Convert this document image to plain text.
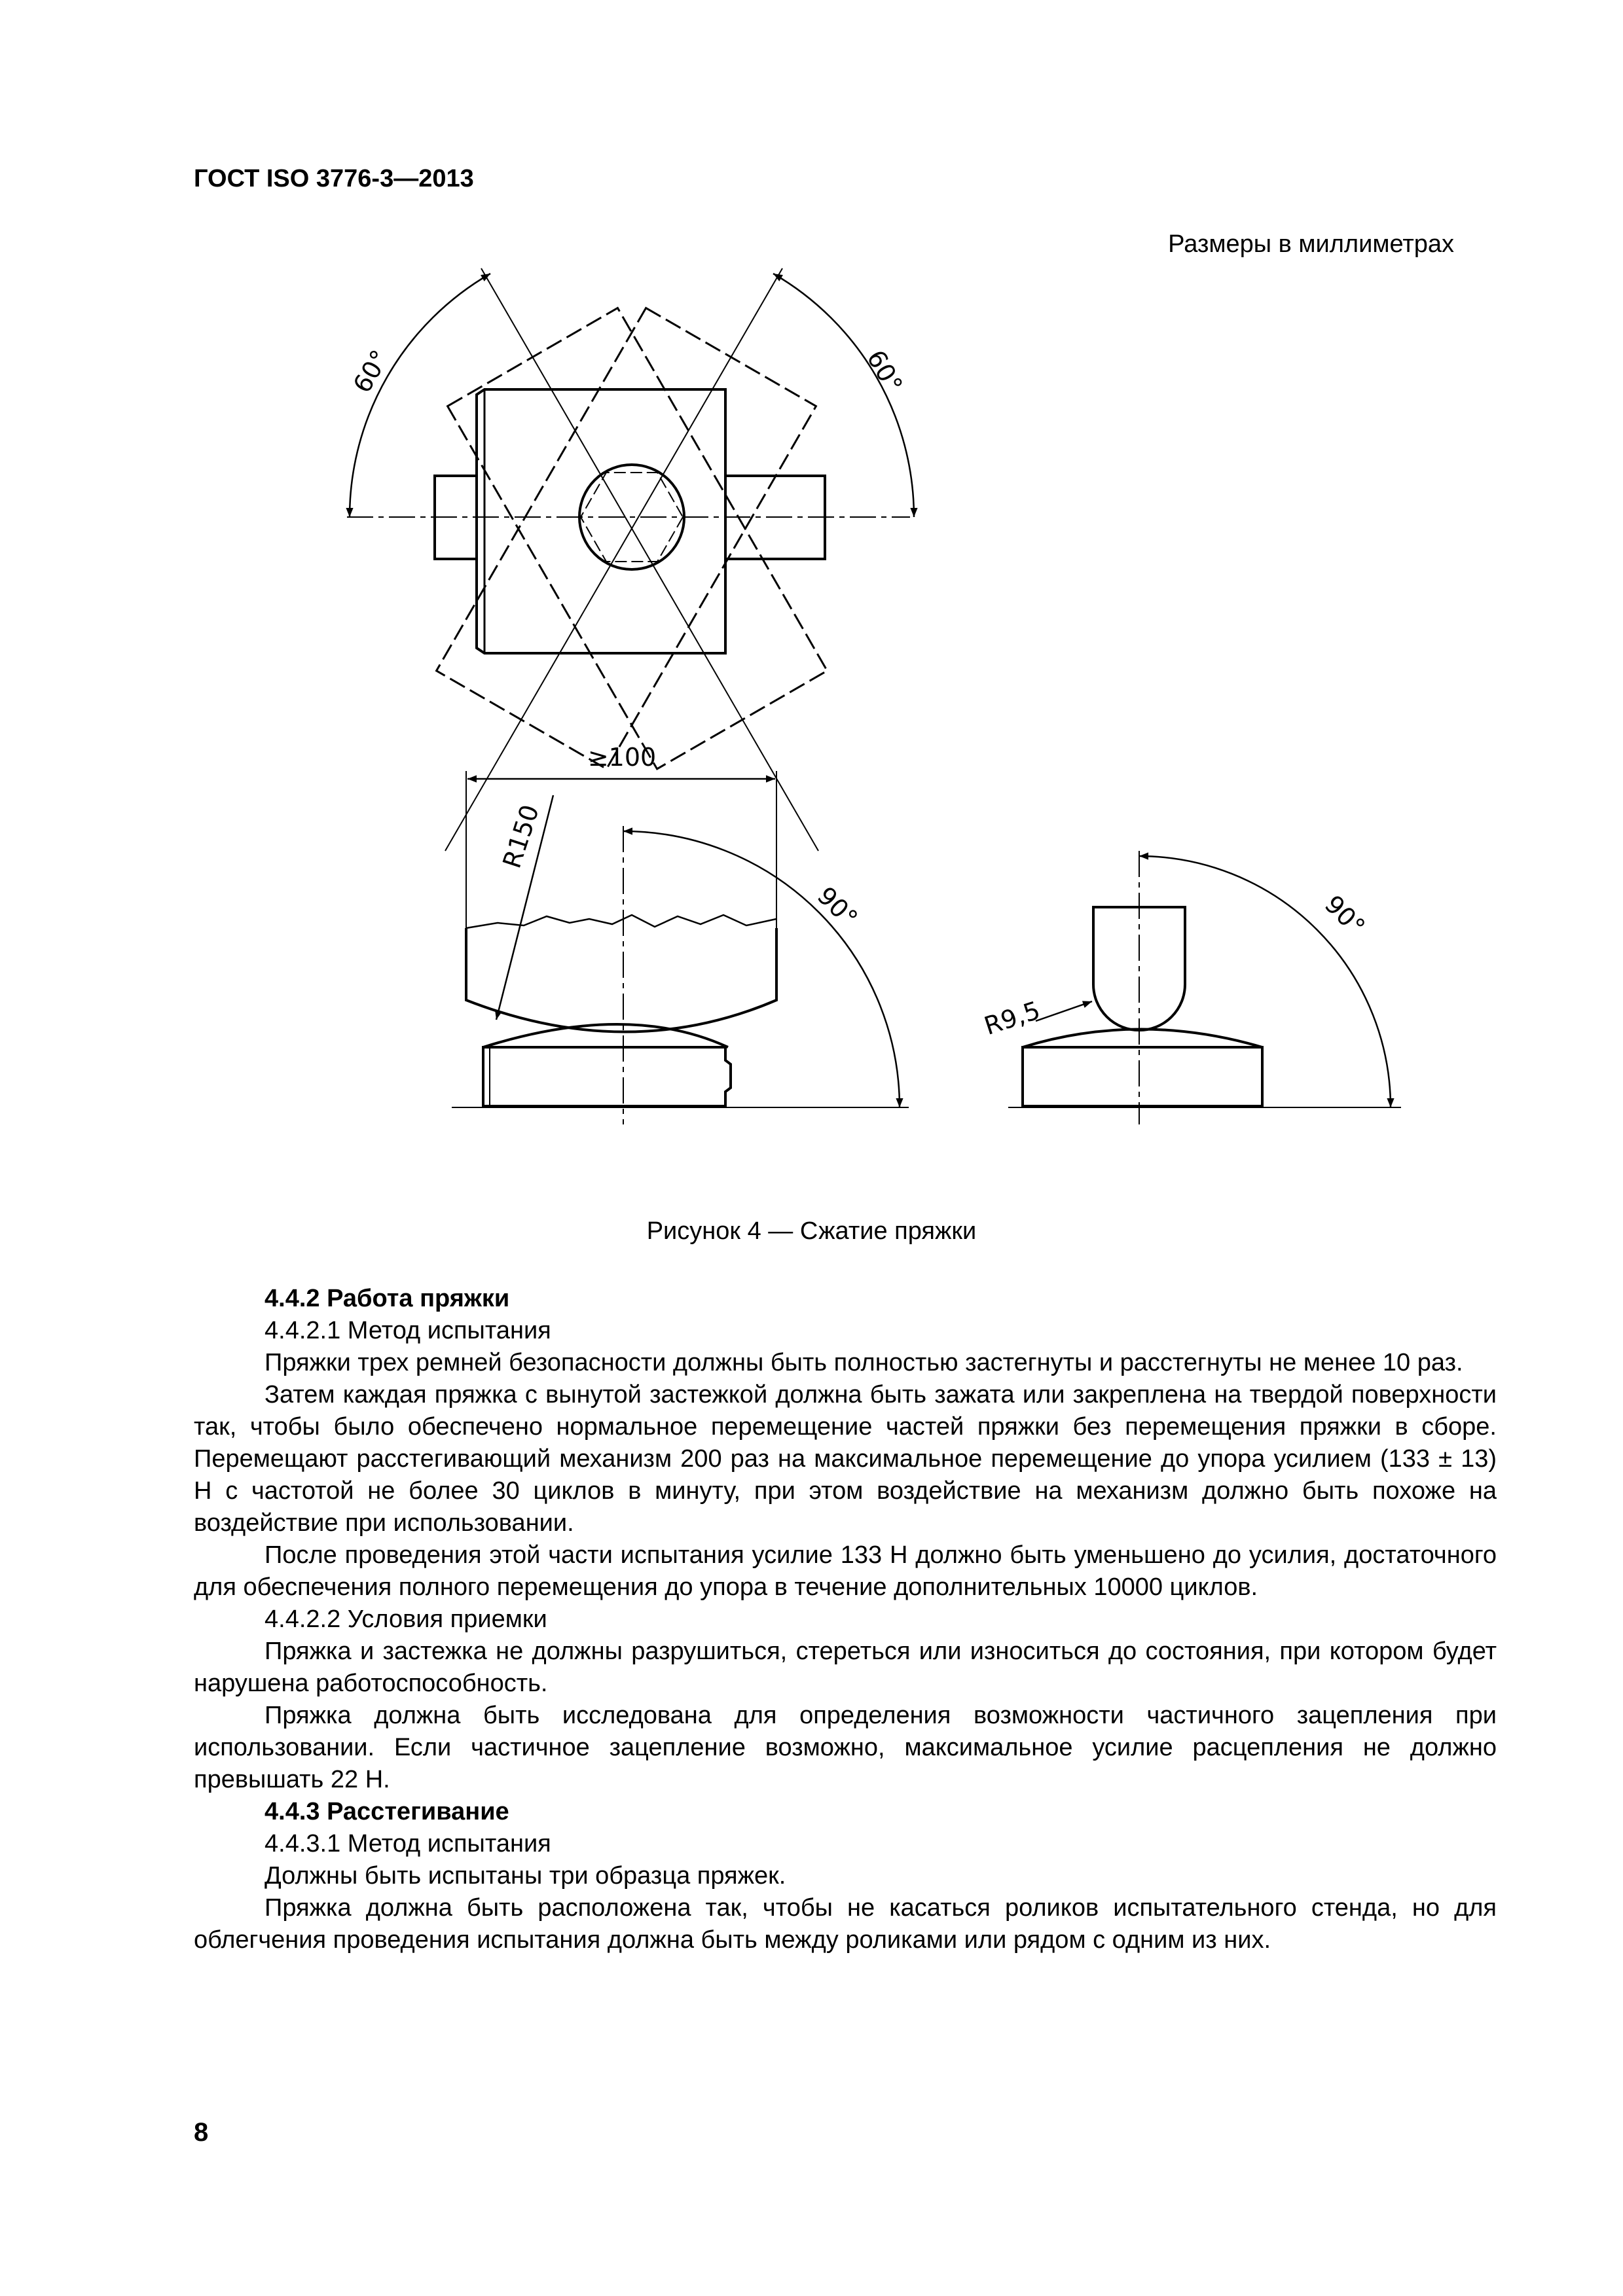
ГОСТ ISO 3776-3—2013
Размеры в миллиметрах
60°	60°
≥100
R150
90°
R9,5
90°
Рисунок 4 — Сжатие пряжки
4.4.2 Работа пряжки

4.4.2.1 Метод испытания

Пряжки трех ремней безопасности должны быть полностью застегнуты и расстегнуты не менее 10 раз.

Затем каждая пряжка с вынутой застежкой должна быть зажата или закреплена на твердой поверхности так, чтобы было обеспечено нормальное перемещение частей пряжки без перемещения пряжки в сборе. Перемещают расстегивающий механизм 200 раз на максимальное перемещение до упора усилием (133 ± 13) Н с частотой не более 30 циклов в минуту, при этом воздействие на механизм должно быть похоже на воздействие при использовании.

После проведения этой части испытания усилие 133 Н должно быть уменьшено до усилия, достаточного для обеспечения полного перемещения до упора в течение дополнительных 10000 циклов.

4.4.2.2 Условия приемки

Пряжка и застежка не должны разрушиться, стереться или износиться до состояния, при котором будет нарушена работоспособность.

Пряжка должна быть исследована для определения возможности частичного зацепления при использовании. Если частичное зацепление возможно, максимальное усилие расцепления не должно превышать 22 Н.

4.4.3 Расстегивание

4.4.3.1 Метод испытания

Должны быть испытаны три образца пряжек.

Пряжка должна быть расположена так, чтобы не касаться роликов испытательного стенда, но для облегчения проведения испытания должна быть между роликами или рядом с одним из них.

8
